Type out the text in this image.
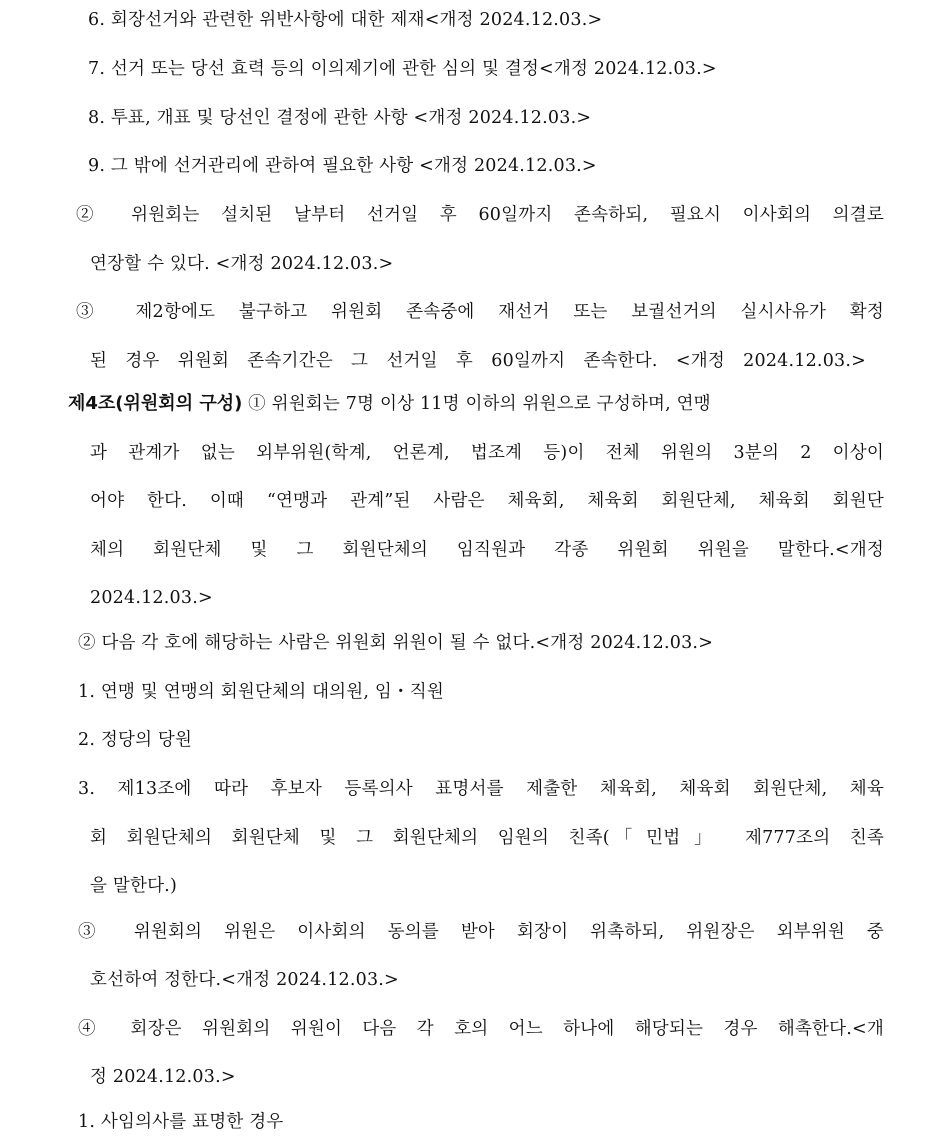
6. 회장선거와 관련한 위반사항에 대한 제재<개정 2024.12.03.>
7. 선거 또는 당선 효력 등의 이의제기에 관한 심의 및 결정<개정 2024.12.03.>
8. 투표, 개표 및 당선인 결정에 관한 사항 <개정 2024.12.03.>
9. 그 밖에 선거관리에 관하여 필요한 사항 <개정 2024.12.03.>
② 위원회는 설치된 날부터 선거일 후 60일까지 존속하되, 필요시 이사회의 의결로
연장할 수 있다. <개정 2024.12.03.>
③ 제2항에도 불구하고 위원회 존속중에 재선거 또는 보궐선거의 실시사유가 확정
된 경우 위원회 존속기간은 그 선거일 후 60일까지 존속한다. <개정 2024.12.03.>
제4조(위원회의 구성) ① 위원회는 7명 이상 11명 이하의 위원으로 구성하며, 연맹
과 관계가 없는 외부위원(학계, 언론계, 법조계 등)이 전체 위원의 3분의 2 이상이
어야 한다. 이때 “연맹과 관계”된 사람은 체육회, 체육회 회원단체, 체육회 회원단
체의 회원단체 및 그 회원단체의 임직원과 각종 위원회 위원을 말한다.<개정
2024.12.03.>
② 다음 각 호에 해당하는 사람은 위원회 위원이 될 수 없다.<개정 2024.12.03.>
1. 연맹 및 연맹의 회원단체의 대의원, 임・직원
2. 정당의 당원
3. 제13조에 따라 후보자 등록의사 표명서를 제출한 체육회, 체육회 회원단체, 체육
회 회원단체의 회원단체 및 그 회원단체의 임원의 친족(「민법」 제777조의 친족
을 말한다.)
③ 위원회의 위원은 이사회의 동의를 받아 회장이 위촉하되, 위원장은 외부위원 중
호선하여 정한다.<개정 2024.12.03.>
④ 회장은 위원회의 위원이 다음 각 호의 어느 하나에 해당되는 경우 해촉한다.<개
정 2024.12.03.>
1. 사임의사를 표명한 경우
